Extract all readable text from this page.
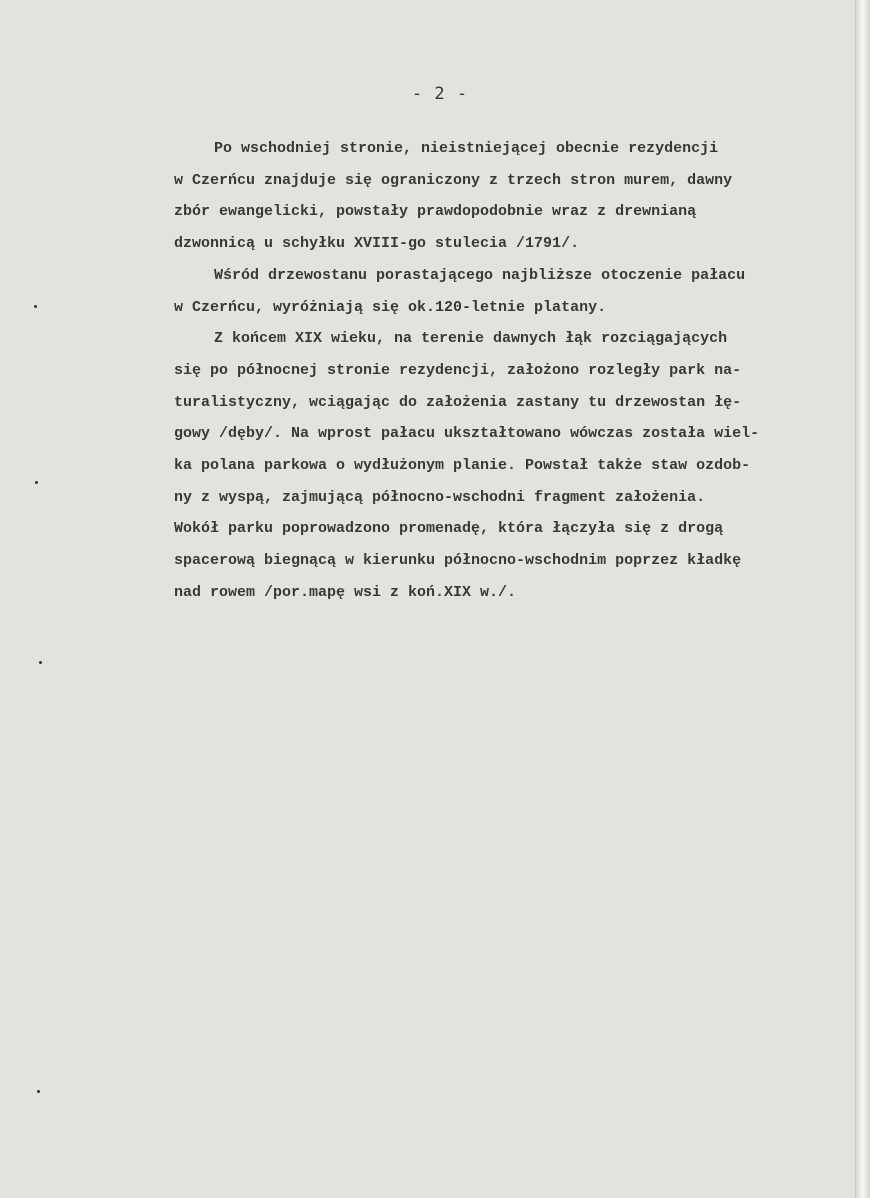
- 2 -
Po wschodniej stronie, nieistniejącej obecnie rezydencji
w Czerńcu znajduje się ograniczony z trzech stron murem, dawny
zbór ewangelicki, powstały prawdopodobnie wraz z drewnianą
dzwonnicą u schyłku XVIII-go stulecia /1791/.
Wśród drzewostanu porastającego najbliższe otoczenie pałacu
w Czerńcu, wyróżniają się ok.120-letnie platany.
Z końcem XIX wieku, na terenie dawnych łąk rozciągających
się po północnej stronie rezydencji, założono rozległy park na-
turalistyczny, wciągając do założenia zastany tu drzewostan łę-
gowy /dęby/. Na wprost pałacu ukształtowano wówczas została wiel-
ka polana parkowa o wydłużonym planie. Powstał także staw ozdob-
ny z wyspą, zajmującą północno-wschodni fragment założenia.
Wokół parku poprowadzono promenadę, która łączyła się z drogą
spacerową biegnącą w kierunku północno-wschodnim poprzez kładkę
nad rowem /por.mapę wsi z koń.XIX w./.
